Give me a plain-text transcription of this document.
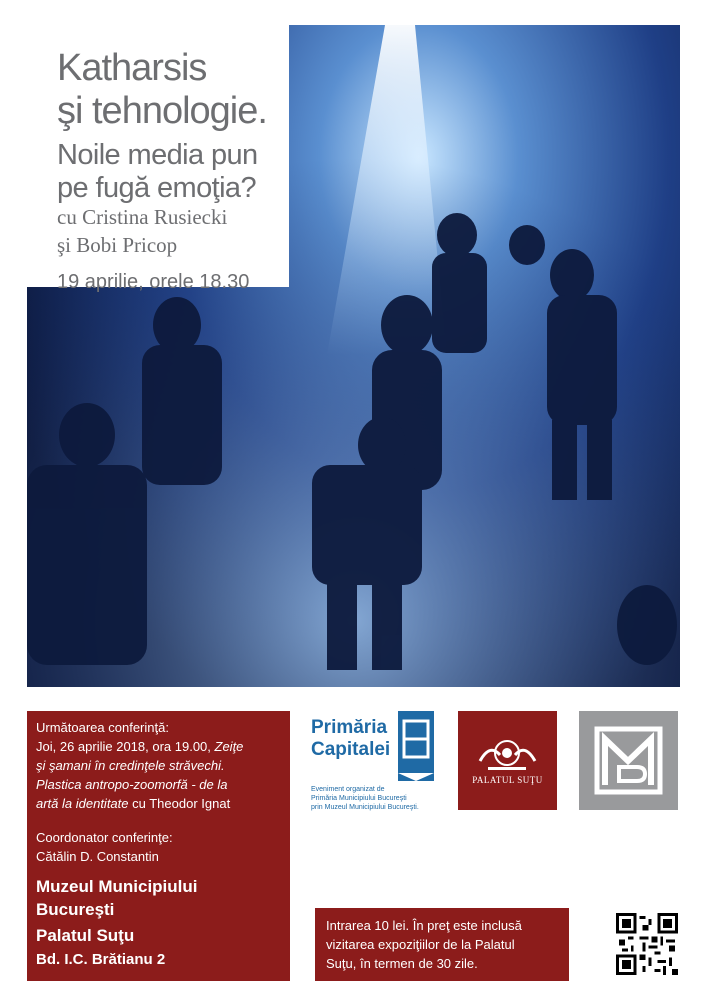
Katharsis
şi tehnologie.
Noile media pun
pe fugă emoţia?
cu Cristina Rusiecki
şi Bobi Pricop
19 aprilie, orele 18.30
Următoarea conferinţă:
Joi, 26 aprilie 2018, ora 19.00, Zeiţe
şi şamani în credinţele străvechi.
Plastica antropo-zoomorfă - de la
artă la identitate cu Theodor Ignat
Coordonator conferinţe:
Cătălin D. Constantin
Muzeul Municipiului
Bucureşti
Palatul Suţu
Bd. I.C. Brătianu 2
Primăria
Capitalei
Eveniment organizat de
Primăria Municipiului Bucureşti
prin Muzeul Municipiului Bucureşti.
PALATUL SUŢU
Intrarea 10 lei. În preţ este inclusă
vizitarea expoziţiilor de la Palatul
Suţu, în termen de 30 zile.
